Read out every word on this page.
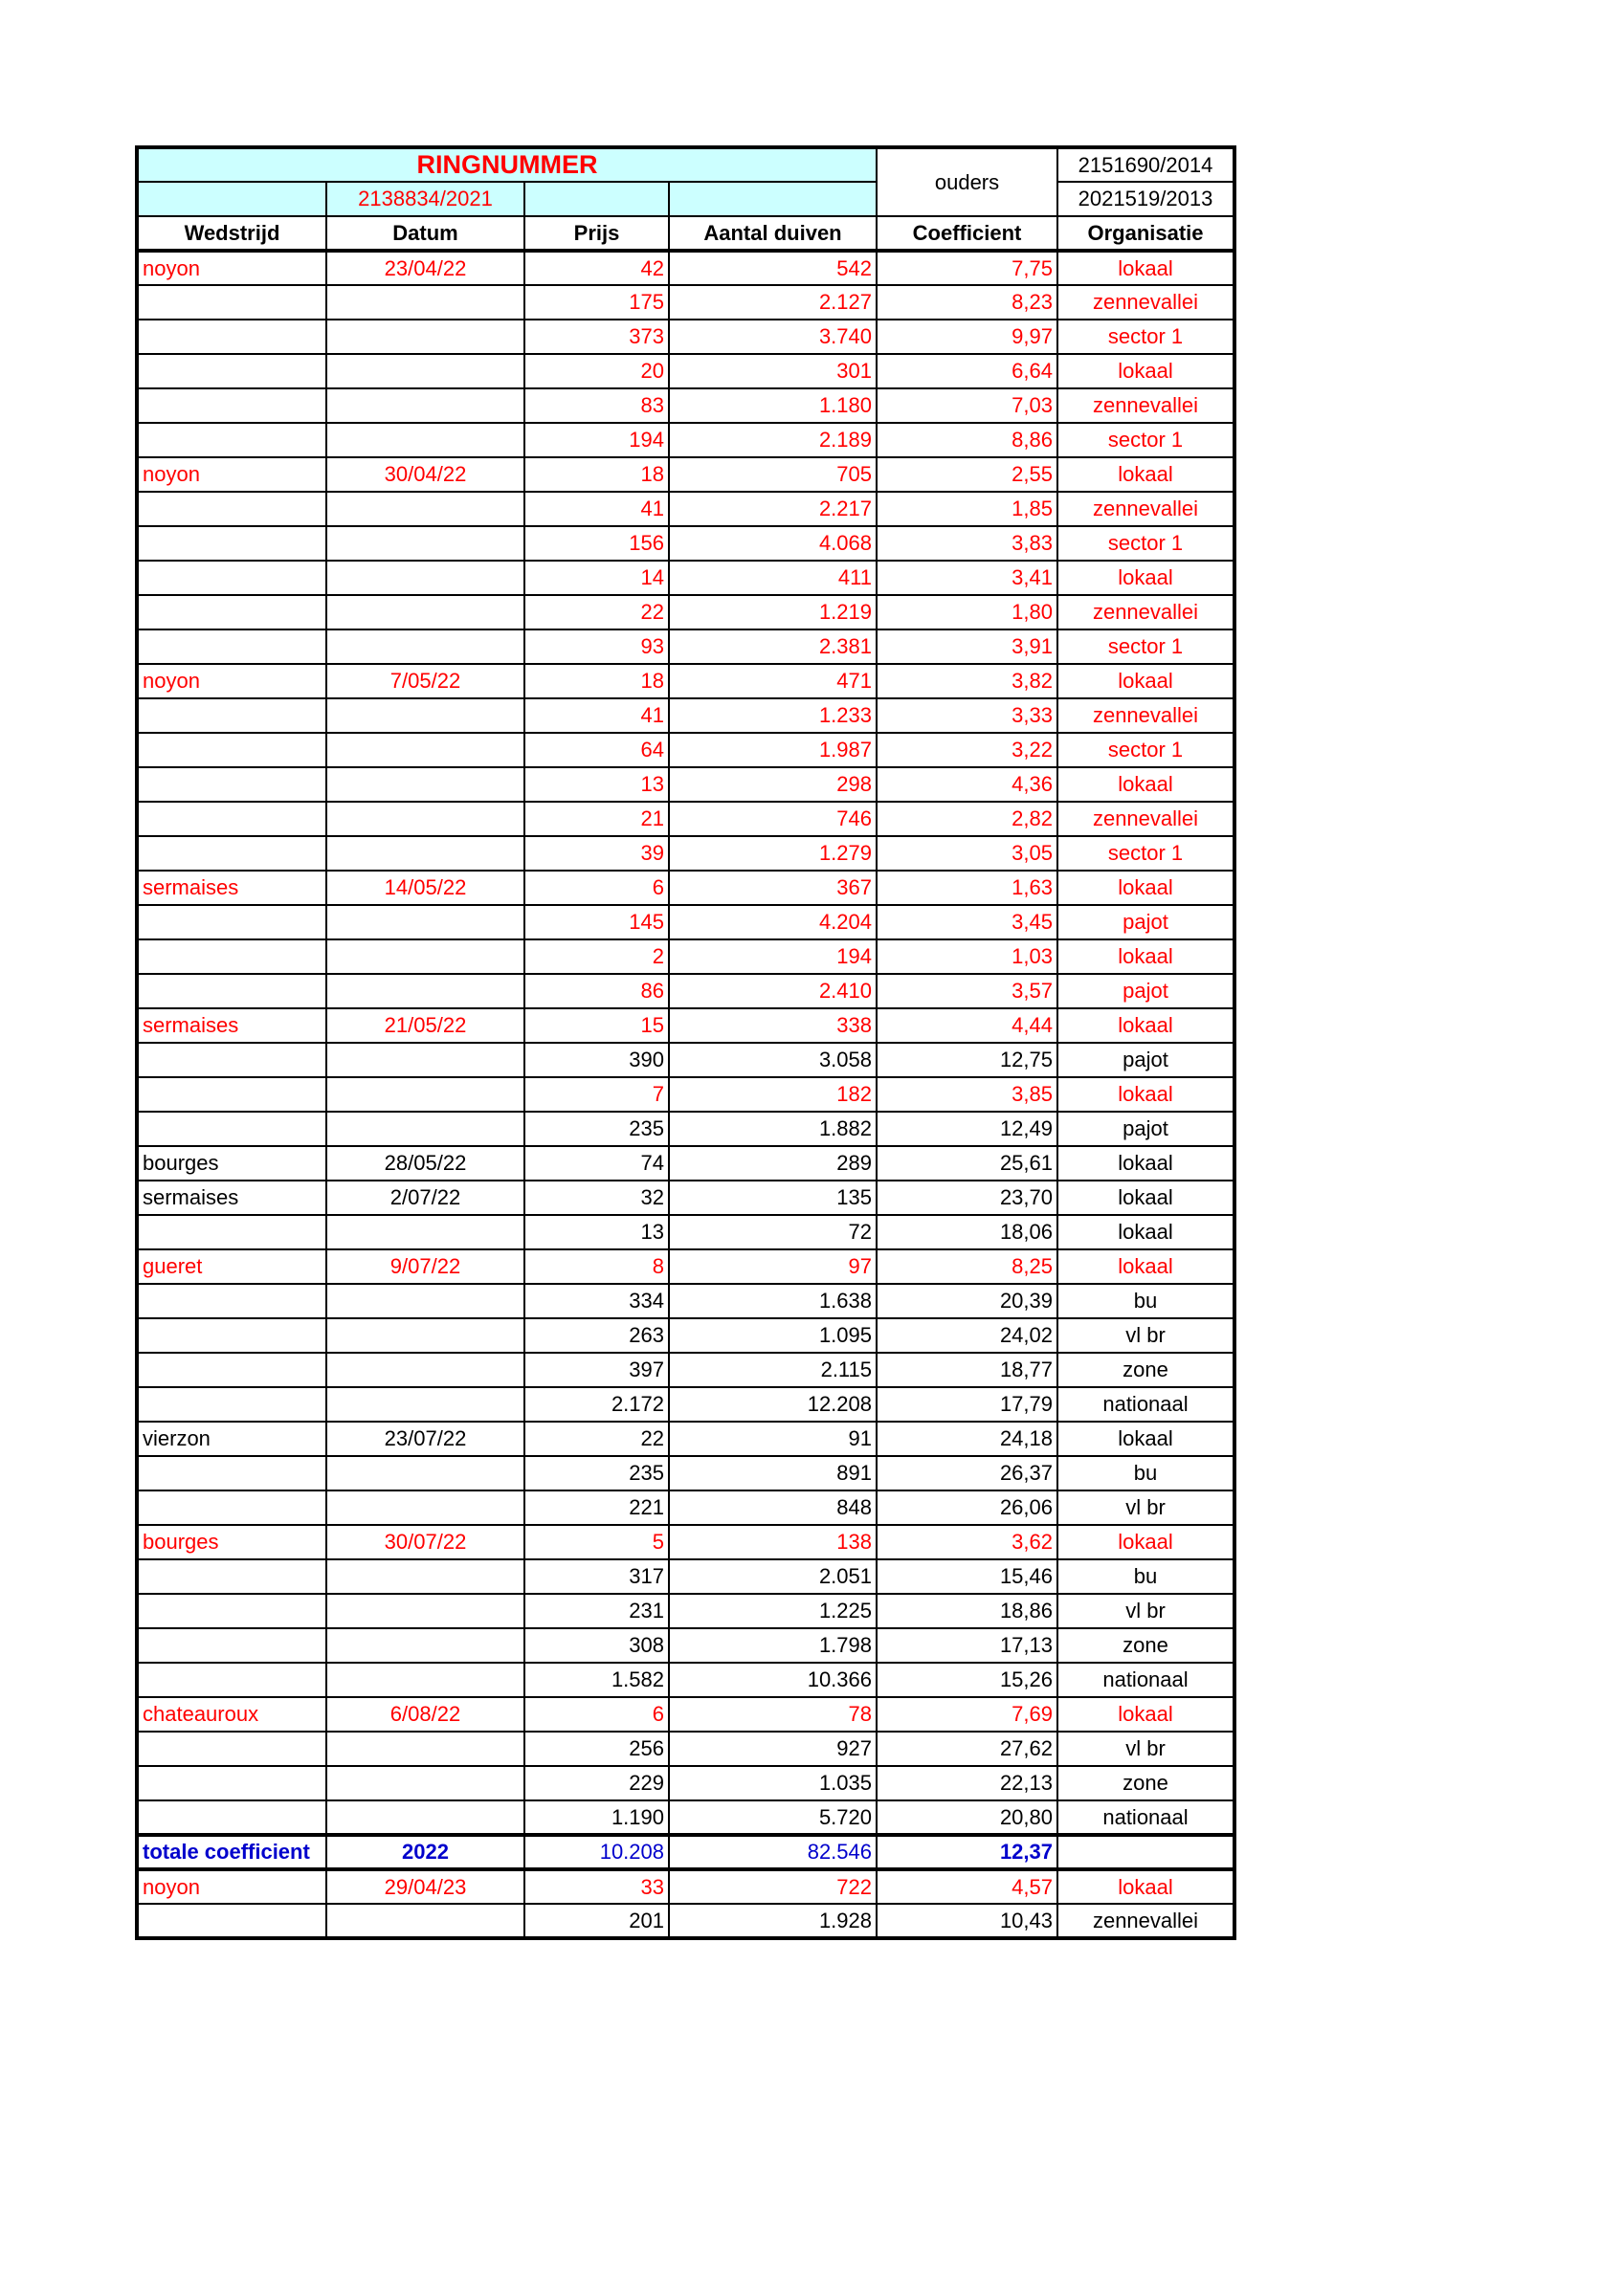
RINGNUMMER				ouders	2151690/2014
	2138834/2021				2021519/2013
Wedstrijd	Datum	Prijs	Aantal duiven	Coefficient	Organisatie
noyon	23/04/22	42	542	7,75	lokaal
		175	2.127	8,23	zennevallei
		373	3.740	9,97	sector 1
		20	301	6,64	lokaal
		83	1.180	7,03	zennevallei
		194	2.189	8,86	sector 1
noyon	30/04/22	18	705	2,55	lokaal
		41	2.217	1,85	zennevallei
		156	4.068	3,83	sector 1
		14	411	3,41	lokaal
		22	1.219	1,80	zennevallei
		93	2.381	3,91	sector 1
noyon	7/05/22	18	471	3,82	lokaal
		41	1.233	3,33	zennevallei
		64	1.987	3,22	sector 1
		13	298	4,36	lokaal
		21	746	2,82	zennevallei
		39	1.279	3,05	sector 1
sermaises	14/05/22	6	367	1,63	lokaal
		145	4.204	3,45	pajot
		2	194	1,03	lokaal
		86	2.410	3,57	pajot
sermaises	21/05/22	15	338	4,44	lokaal
		390	3.058	12,75	pajot
		7	182	3,85	lokaal
		235	1.882	12,49	pajot
bourges	28/05/22	74	289	25,61	lokaal
sermaises	2/07/22	32	135	23,70	lokaal
		13	72	18,06	lokaal
gueret	9/07/22	8	97	8,25	lokaal
		334	1.638	20,39	bu
		263	1.095	24,02	vl br
		397	2.115	18,77	zone
		2.172	12.208	17,79	nationaal
vierzon	23/07/22	22	91	24,18	lokaal
		235	891	26,37	bu
		221	848	26,06	vl br
bourges	30/07/22	5	138	3,62	lokaal
		317	2.051	15,46	bu
		231	1.225	18,86	vl br
		308	1.798	17,13	zone
		1.582	10.366	15,26	nationaal
chateauroux	6/08/22	6	78	7,69	lokaal
		256	927	27,62	vl br
		229	1.035	22,13	zone
		1.190	5.720	20,80	nationaal
totale coefficient	2022	10.208	82.546	12,37	
noyon	29/04/23	33	722	4,57	lokaal
		201	1.928	10,43	zennevallei
